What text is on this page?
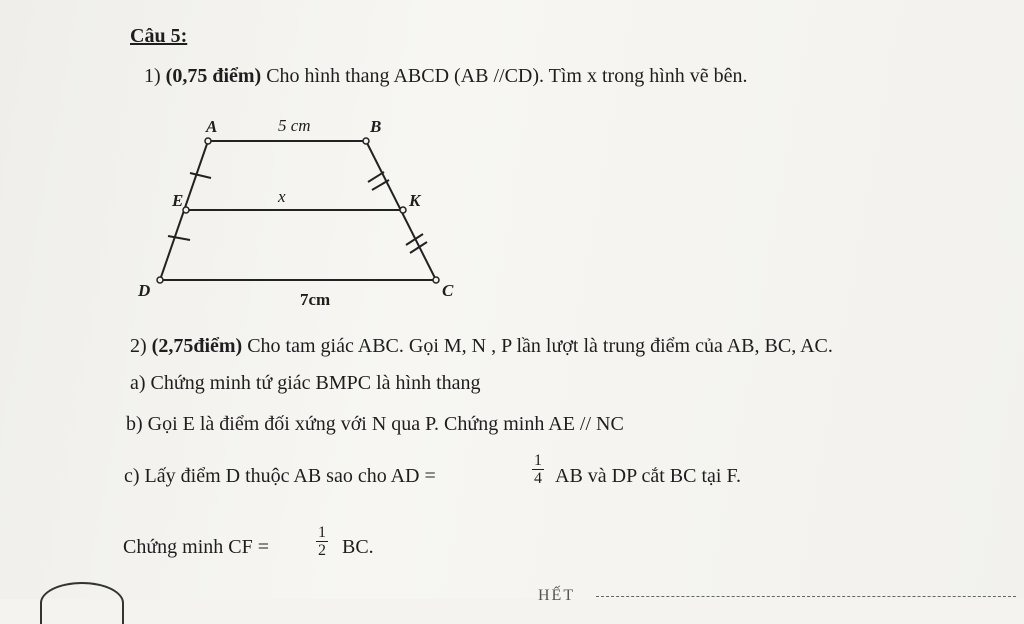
Câu 5:
1) (0,75 điểm) Cho hình thang ABCD (AB //CD). Tìm x trong hình vẽ bên.
A	B
E	K
D	C
5 cm
x
7cm
2) (2,75điểm) Cho tam giác ABC. Gọi M, N , P lần lượt là trung điểm của AB, BC, AC.
a) Chứng minh tứ giác BMPC là hình thang
b) Gọi E là điểm đối xứng với N qua P. Chứng minh AE // NC
c) Lấy điểm D thuộc AB sao cho AD =
1
4 AB và DP cắt BC tại F.
Chứng minh CF =
1
2 BC.
HẾT
